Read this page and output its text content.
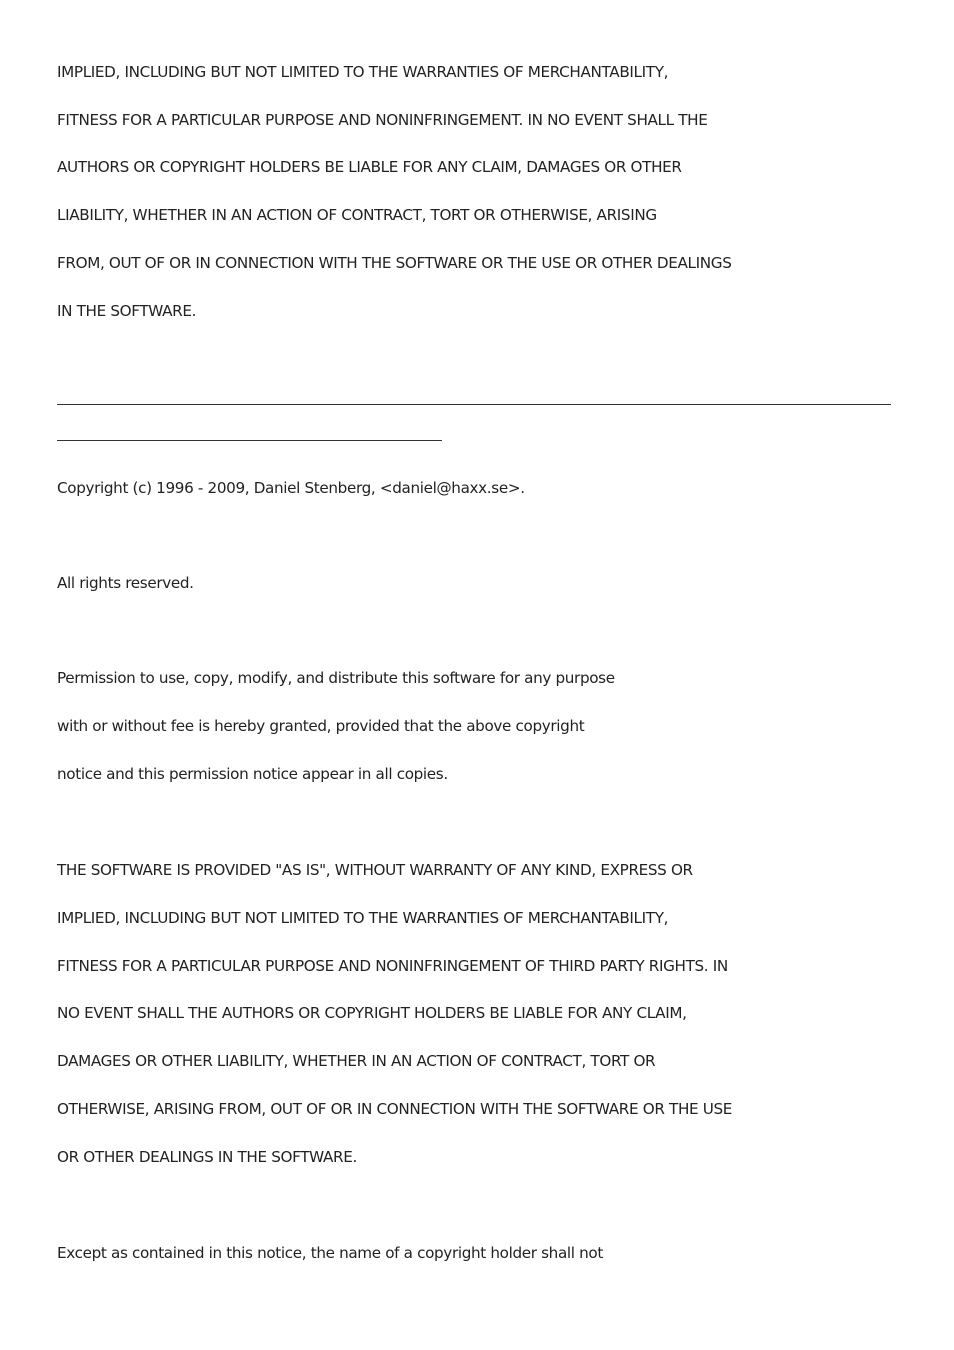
IMPLIED, INCLUDING BUT NOT LIMITED TO THE WARRANTIES OF MERCHANTABILITY,
FITNESS FOR A PARTICULAR PURPOSE AND NONINFRINGEMENT. IN NO EVENT SHALL THE
AUTHORS OR COPYRIGHT HOLDERS BE LIABLE FOR ANY CLAIM, DAMAGES OR OTHER
LIABILITY, WHETHER IN AN ACTION OF CONTRACT, TORT OR OTHERWISE, ARISING
FROM, OUT OF OR IN CONNECTION WITH THE SOFTWARE OR THE USE OR OTHER DEALINGS
IN THE SOFTWARE.
Copyright (c) 1996 - 2009, Daniel Stenberg, <daniel@haxx.se>.
All rights reserved.
Permission to use, copy, modify, and distribute this software for any purpose
with or without fee is hereby granted, provided that the above copyright
notice and this permission notice appear in all copies.
THE SOFTWARE IS PROVIDED "AS IS", WITHOUT WARRANTY OF ANY KIND, EXPRESS OR
IMPLIED, INCLUDING BUT NOT LIMITED TO THE WARRANTIES OF MERCHANTABILITY,
FITNESS FOR A PARTICULAR PURPOSE AND NONINFRINGEMENT OF THIRD PARTY RIGHTS. IN
NO EVENT SHALL THE AUTHORS OR COPYRIGHT HOLDERS BE LIABLE FOR ANY CLAIM,
DAMAGES OR OTHER LIABILITY, WHETHER IN AN ACTION OF CONTRACT, TORT OR
OTHERWISE, ARISING FROM, OUT OF OR IN CONNECTION WITH THE SOFTWARE OR THE USE
OR OTHER DEALINGS IN THE SOFTWARE.
Except as contained in this notice, the name of a copyright holder shall not
